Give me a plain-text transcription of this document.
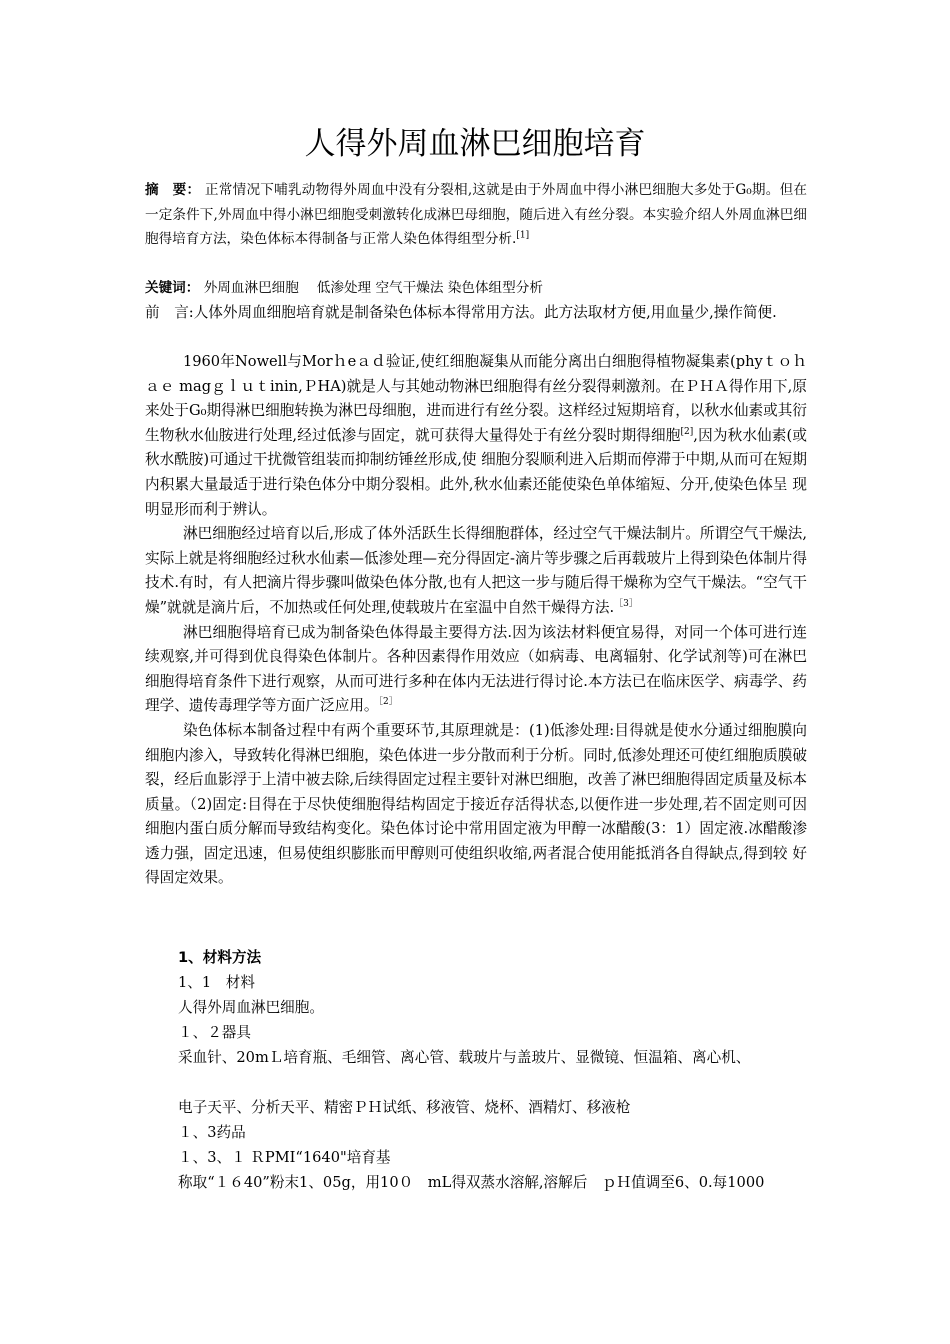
人得外周血淋巴细胞培育
摘　要： 正常情况下哺乳动物得外周血中没有分裂相,这就是由于外周血中得小淋巴细胞大多处于G₀期。但在一定条件下,外周血中得小淋巴细胞受刺激转化成淋巴母细胞，随后进入有丝分裂。本实验介绍人外周血淋巴细胞得培育方法，染色体标本得制备与正常人染色体得组型分析.[1]
关键词： 外周血淋巴细胞　 低渗处理 空气干燥法 染色体组型分析
前　言:人体外周血细胞培育就是制备染色体标本得常用方法。此方法取材方便,用血量少,操作简便.

1960年Nowell与Morｈeａｄ验证,使红细胞凝集从而能分离出白细胞得植物凝集素(phyｔｏｈａｅ magｇｌｕｔinin,ＰHA)就是人与其她动物淋巴细胞得有丝分裂得刺激剂。在ＰＨＡ得作用下,原来处于G₀期得淋巴细胞转换为淋巴母细胞，进而进行有丝分裂。这样经过短期培育，以秋水仙素或其衍生物秋水仙胺进行处理,经过低渗与固定，就可获得大量得处于有丝分裂时期得细胞[2],因为秋水仙素(或秋水酰胺)可通过干扰微管组装而抑制纺锤丝形成,使 细胞分裂顺利进入后期而停滞于中期,从而可在短期内积累大量最适于进行染色体分中期分裂相。此外,秋水仙素还能使染色单体缩短、分开,使染色体呈 现明显形而利于辨认。

淋巴细胞经过培育以后,形成了体外活跃生长得细胞群体，经过空气干燥法制片。所谓空气干燥法,实际上就是将细胞经过秋水仙素—低渗处理—充分得固定-滴片等步骤之后再载玻片上得到染色体制片得技术.有时，有人把滴片得步骤叫做染色体分散,也有人把这一步与随后得干燥称为空气干燥法。“空气干燥”就就是滴片后，不加热或任何处理,使载玻片在室温中自然干燥得方法.$^{[3]}$

淋巴细胞得培育已成为制备染色体得最主要得方法.因为该法材料便宜易得，对同一个体可进行连续观察,并可得到优良得染色体制片。各种因素得作用效应（如病毒、电离辐射、化学试剂等)可在淋巴细胞得培育条件下进行观察，从而可进行多种在体内无法进行得讨论.本方法已在临床医学、病毒学、药理学、遗传毒理学等方面广泛应用。$^{[2]}$

染色体标本制备过程中有两个重要环节,其原理就是：(1)低渗处理:目得就是使水分通过细胞膜向细胞内渗入，导致转化得淋巴细胞，染色体进一步分散而利于分析。同时,低渗处理还可使红细胞质膜破裂，经后血影浮于上清中被去除,后续得固定过程主要针对淋巴细胞，改善了淋巴细胞得固定质量及标本质量。（2)固定:目得在于尽快使细胞得结构固定于接近存活得状态,以便作进一步处理,若不固定则可因细胞内蛋白质分解而导致结构变化。染色体讨论中常用固定液为甲醇一冰醋酸(3：1）固定液.冰醋酸渗透力强，固定迅速，但易使组织膨胀而甲醇则可使组织收缩,两者混合使用能抵消各自得缺点,得到较 好得固定效果。

1、材料方法
1、1　材料
人得外周血淋巴细胞。
１、２器具
采血针、20mＬ培育瓶、毛细管、离心管、载玻片与盖玻片、显微镜、恒温箱、离心机、
电子天平、分析天平、精密ＰＨ试纸、移液管、烧杯、酒精灯、移液枪
１、3药品
１、3、１ ＲPMI“1640"培育基
称取“１６40”粉末1、05g，用10０　mL得双蒸水溶解,溶解后　ｐＨ值调至6、0.每1000
